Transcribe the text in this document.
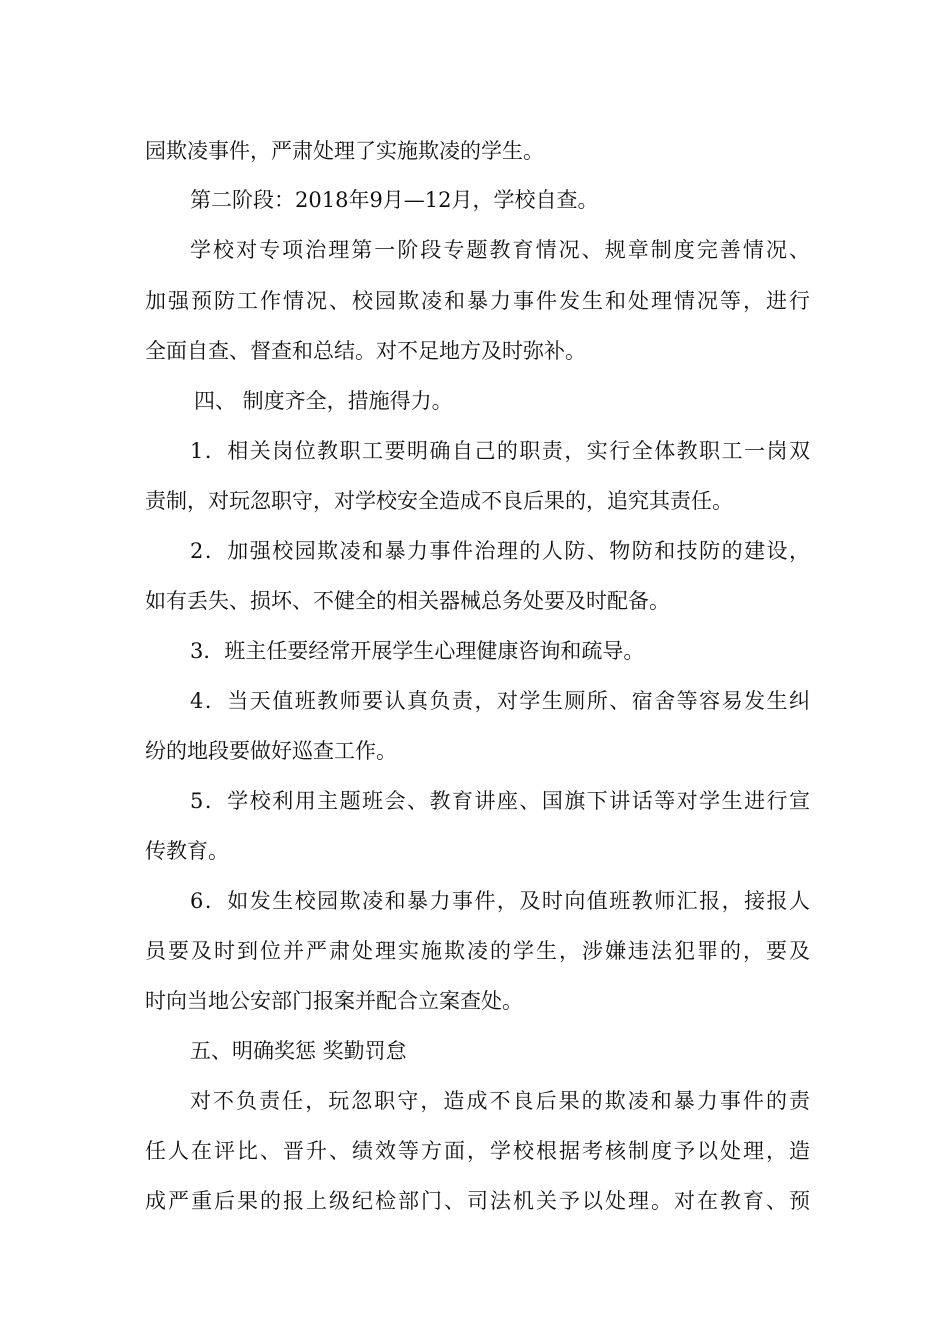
园欺凌事件，严肃处理了实施欺凌的学生。
第二阶段：2018年9月—12月，学校自查。
学校对专项治理第一阶段专题教育情况、规章制度完善情况、
加强预防工作情况、校园欺凌和暴力事件发生和处理情况等，进行
全面自查、督查和总结。对不足地方及时弥补。
四、 制度齐全，措施得力。
1．相关岗位教职工要明确自己的职责，实行全体教职工一岗双
责制，对玩忽职守，对学校安全造成不良后果的，追究其责任。
2．加强校园欺凌和暴力事件治理的人防、物防和技防的建设，
如有丢失、损坏、不健全的相关器械总务处要及时配备。
3．班主任要经常开展学生心理健康咨询和疏导。
4．当天值班教师要认真负责，对学生厕所、宿舍等容易发生纠
纷的地段要做好巡查工作。
5．学校利用主题班会、教育讲座、国旗下讲话等对学生进行宣
传教育。
6．如发生校园欺凌和暴力事件，及时向值班教师汇报，接报人
员要及时到位并严肃处理实施欺凌的学生，涉嫌违法犯罪的，要及
时向当地公安部门报案并配合立案查处。
五、明确奖惩 奖勤罚怠
对不负责任，玩忽职守，造成不良后果的欺凌和暴力事件的责
任人在评比、晋升、绩效等方面，学校根据考核制度予以处理，造
成严重后果的报上级纪检部门、司法机关予以处理。对在教育、预
